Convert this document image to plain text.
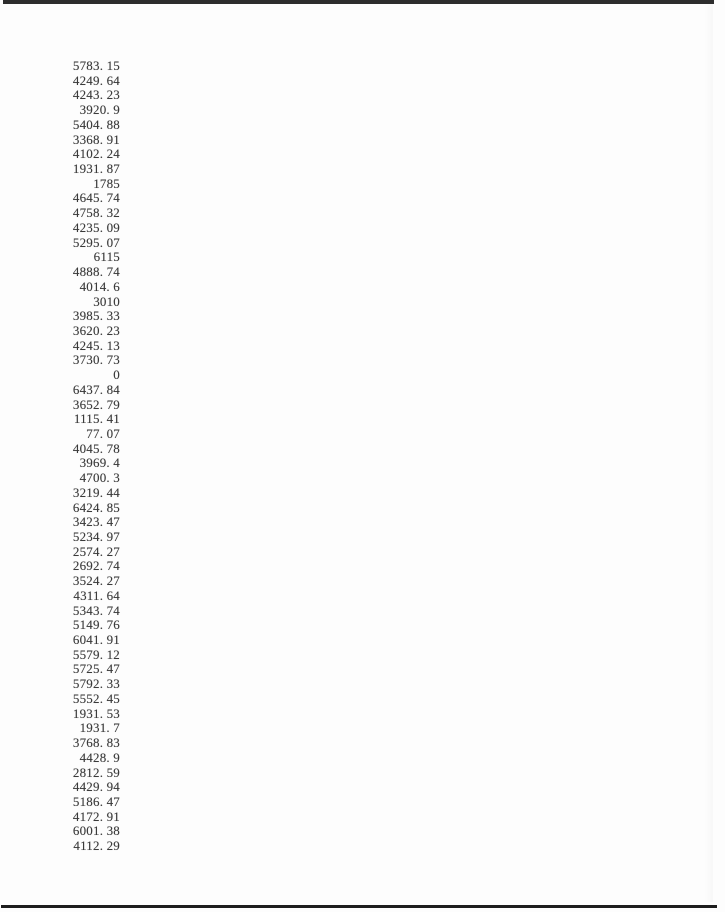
5783. 15
4249. 64
4243. 23
3920. 9
5404. 88
3368. 91
4102. 24
1931. 87
1785
4645. 74
4758. 32
4235. 09
5295. 07
6115
4888. 74
4014. 6
3010
3985. 33
3620. 23
4245. 13
3730. 73
0
6437. 84
3652. 79
1115. 41
77. 07
4045. 78
3969. 4
4700. 3
3219. 44
6424. 85
3423. 47
5234. 97
2574. 27
2692. 74
3524. 27
4311. 64
5343. 74
5149. 76
6041. 91
5579. 12
5725. 47
5792. 33
5552. 45
1931. 53
1931. 7
3768. 83
4428. 9
2812. 59
4429. 94
5186. 47
4172. 91
6001. 38
4112. 29
